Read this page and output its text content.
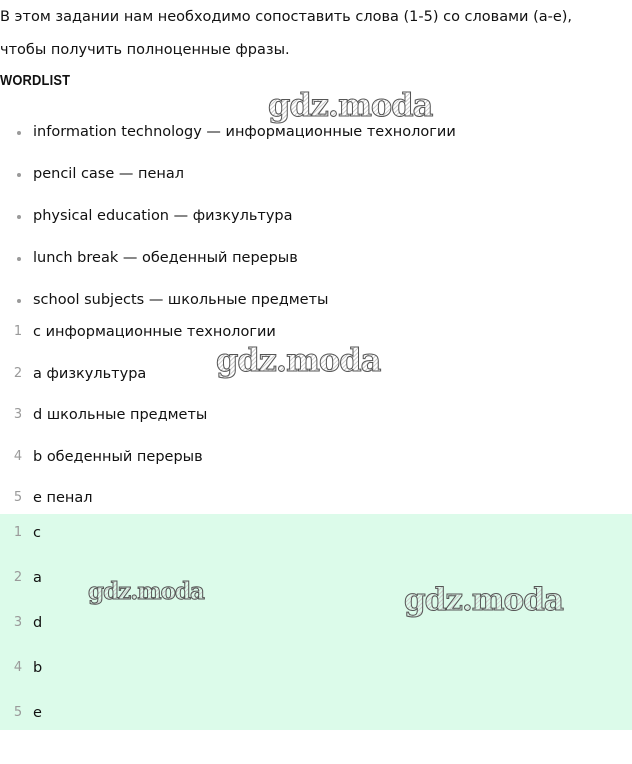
В этом задании нам необходимо сопоставить слова (1-5) со словами (a-e),
чтобы получить полноценные фразы.
WORDLIST
information technology — информационные технологии
pencil case — пенал
physical education — физкультура
lunch break — обеденный перерыв
school subjects — школьные предметы
1 c информационные технологии
2 a физкультура
3 d школьные предметы
4 b обеденный перерыв
5 e пенал
1 c
2 a
3 d
4 b
5 e
gdz.moda
gdz.moda
